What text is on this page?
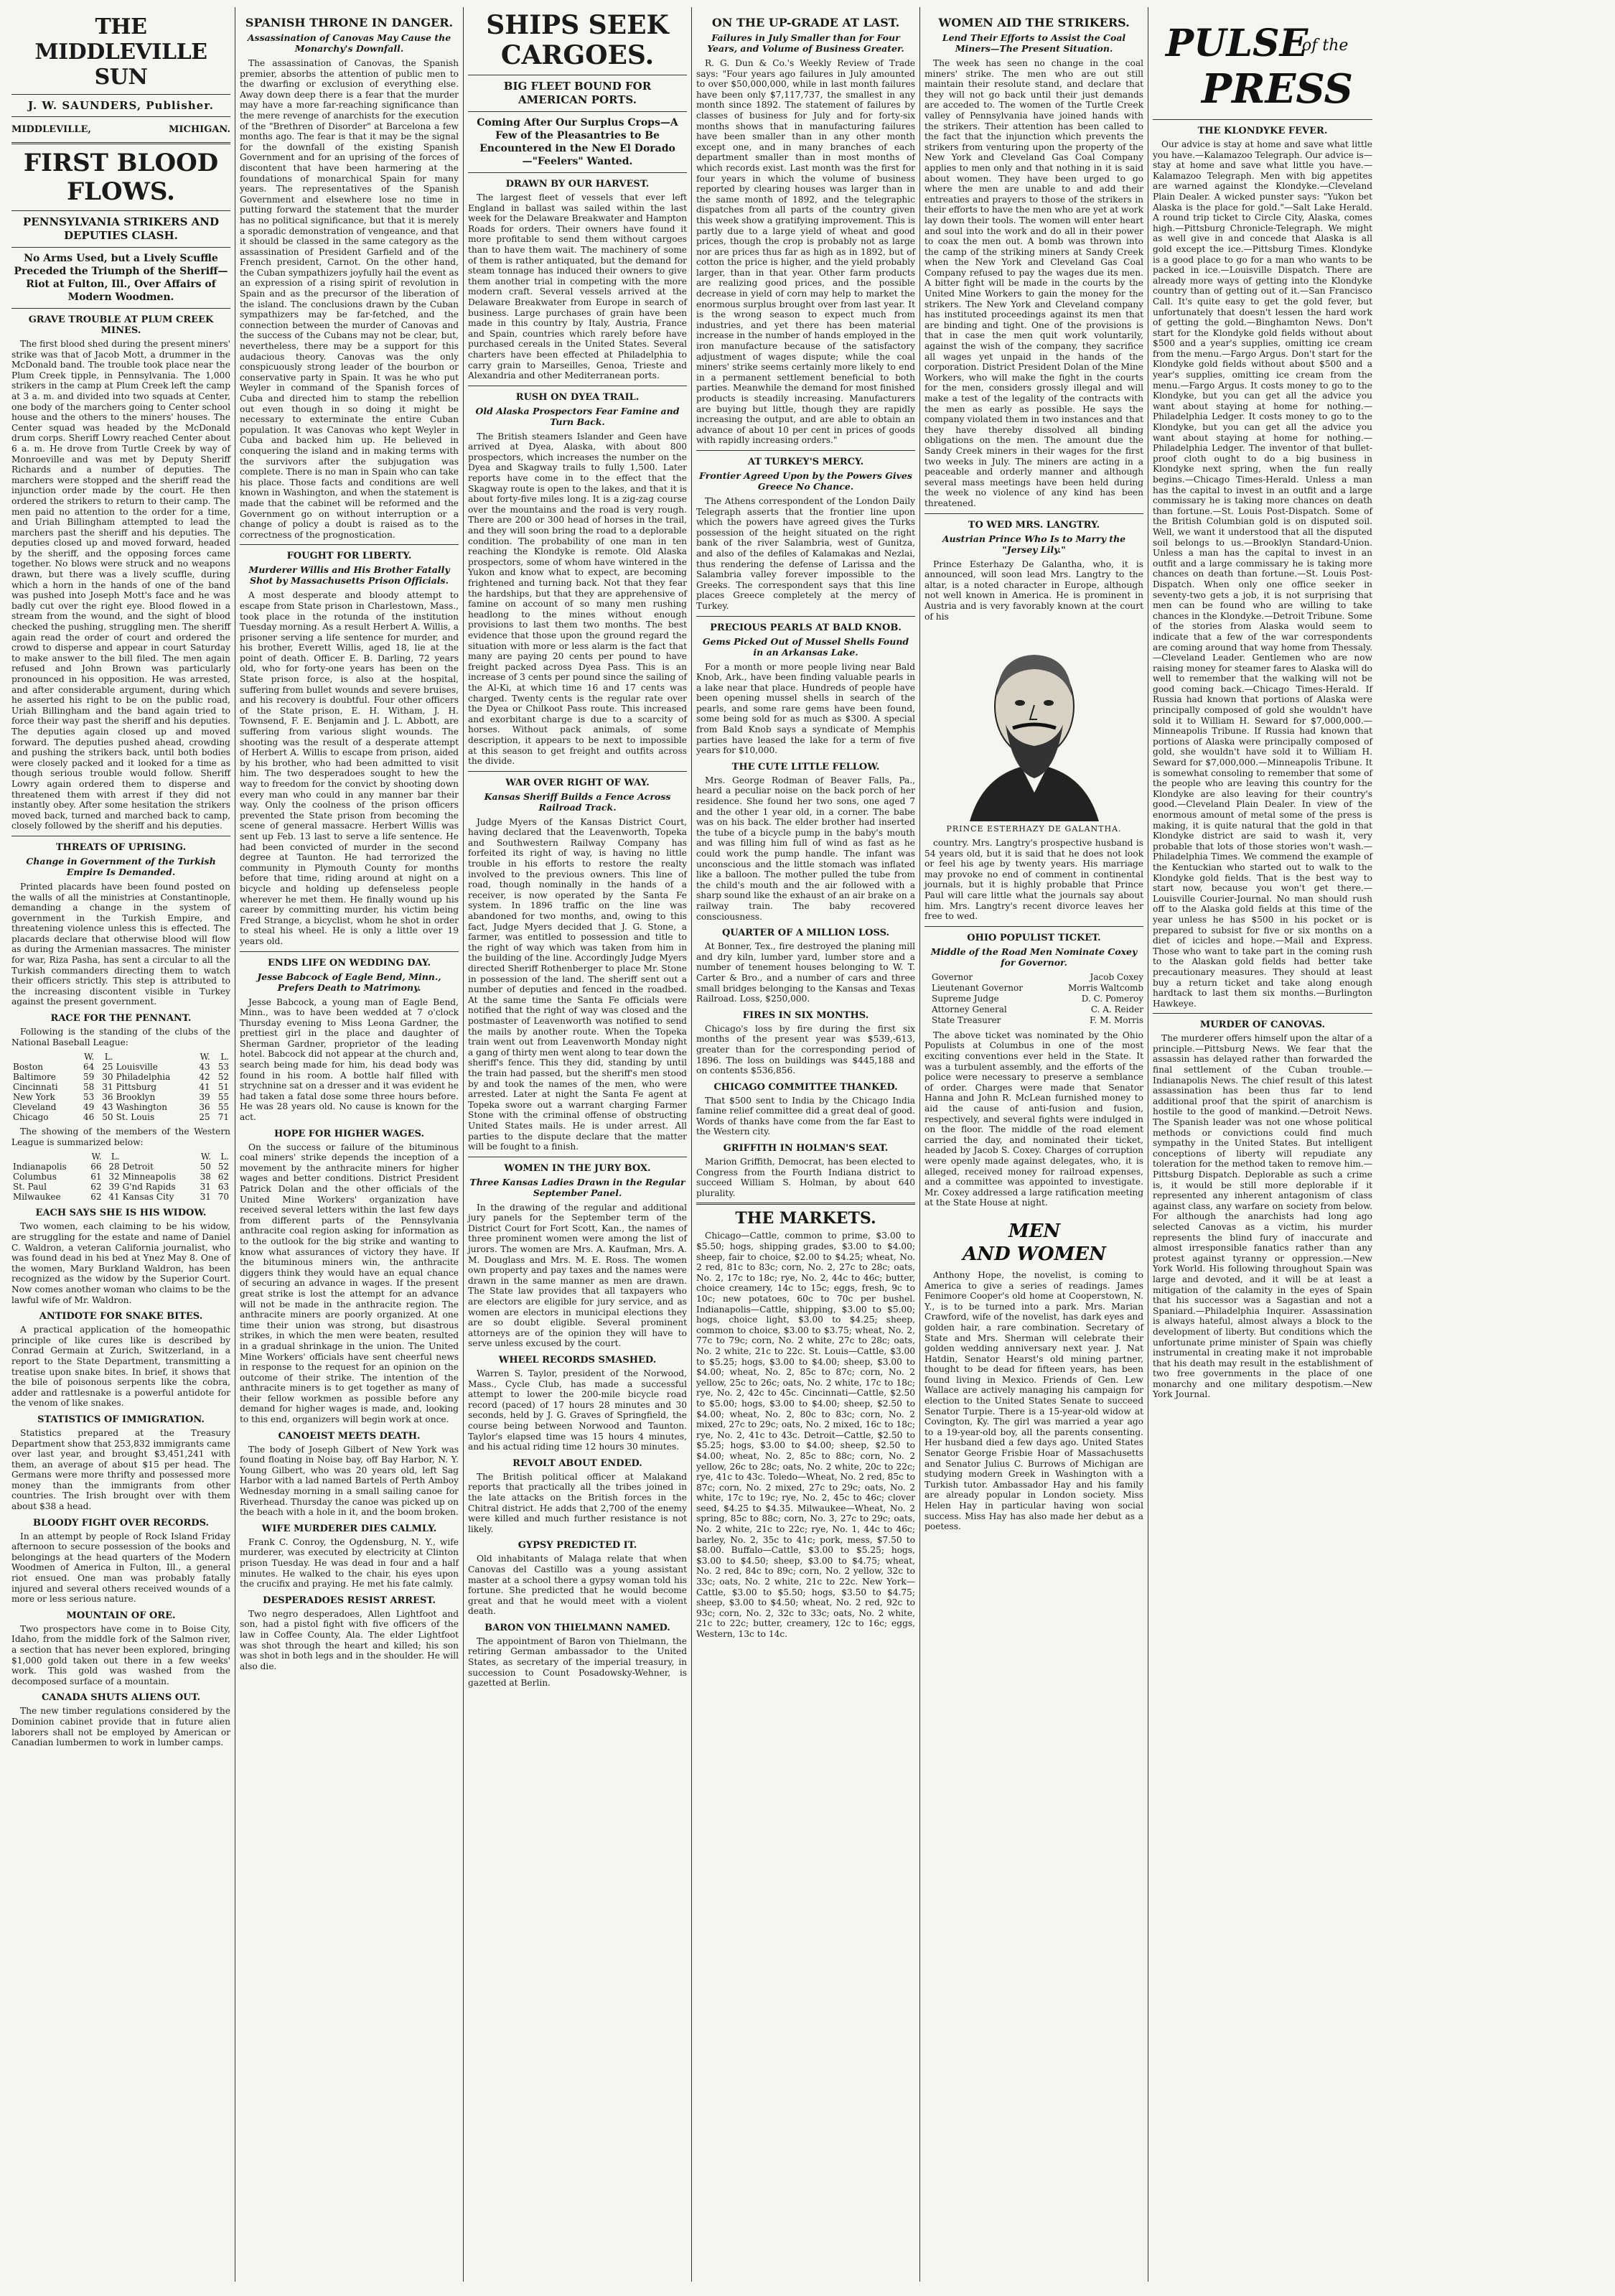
THE MIDDLEVILLE SUN
J. W. SAUNDERS, Publisher.
MIDDLEVILLE,	MICHIGAN.
FIRST BLOOD FLOWS.
PENNSYLVANIA STRIKERS AND DEPUTIES CLASH.
No Arms Used, but a Lively Scuffle Preceded the Triumph of the Sheriff—Riot at Fulton, Ill., Over Affairs of Modern Woodmen.
GRAVE TROUBLE AT PLUM CREEK MINES.

The first blood shed during the present miners' strike was that of Jacob Mott, a drummer in the McDonald band. The trouble took place near the Plum Creek tipple, in Pennsylvania. The 1,000 strikers in the camp at Plum Creek left the camp at 3 a. m. and divided into two squads at Center, one body of the marchers going to Center school house and the others to the miners' houses. The Center squad was headed by the McDonald drum corps. Sheriff Lowry reached Center about 6 a. m. He drove from Turtle Creek by way of Monroeville and was met by Deputy Sheriff Richards and a number of deputies. The marchers were stopped and the sheriff read the injunction order made by the court. He then ordered the strikers to return to their camp. The men paid no attention to the order for a time, and Uriah Billingham attempted to lead the marchers past the sheriff and his deputies. The deputies closed up and moved forward, headed by the sheriff, and the opposing forces came together. No blows were struck and no weapons drawn, but there was a lively scuffle, during which a horn in the hands of one of the band was pushed into Joseph Mott's face and he was badly cut over the right eye. Blood flowed in a stream from the wound, and the sight of blood checked the pushing, struggling men. The sheriff again read the order of court and ordered the crowd to disperse and appear in court Saturday to make answer to the bill filed. The men again refused and John Brown was particularly pronounced in his opposition. He was arrested, and after considerable argument, during which he asserted his right to be on the public road, Uriah Billingham and the band again tried to force their way past the sheriff and his deputies. The deputies again closed up and moved forward. The deputies pushed ahead, crowding and pushing the strikers back, until both bodies were closely packed and it looked for a time as though serious trouble would follow. Sheriff Lowry again ordered them to disperse and threatened them with arrest if they did not instantly obey. After some hesitation the strikers moved back, turned and marched back to camp, closely followed by the sheriff and his deputies.

THREATS OF UPRISING.
Change in Government of the Turkish Empire Is Demanded.

Printed placards have been found posted on the walls of all the ministries at Constantinople, demanding a change in the system of government in the Turkish Empire, and threatening violence unless this is effected. The placards declare that otherwise blood will flow as during the Armenian massacres. The minister for war, Riza Pasha, has sent a circular to all the Turkish commanders directing them to watch their officers strictly. This step is attributed to the increasing discontent visible in Turkey against the present government.

RACE FOR THE PENNANT.

Following is the standing of the clubs of the National Baseball League:

	W.	L.		W.	L.
Boston	64	25	Louisville	43	53
Baltimore	59	30	Philadelphia	42	52
Cincinnati	58	31	Pittsburg	41	51
New York	53	36	Brooklyn	39	55
Cleveland	49	43	Washington	36	55
Chicago	46	50	St. Louis	25	71

The showing of the members of the Western League is summarized below:

	W.	L.		W.	L.
Indianapolis	66	28	Detroit	50	52
Columbus	61	32	Minneapolis	38	62
St. Paul	62	39	G'nd Rapids	31	63
Milwaukee	62	41	Kansas City	31	70
EACH SAYS SHE IS HIS WIDOW.

Two women, each claiming to be his widow, are struggling for the estate and name of Daniel C. Waldron, a veteran California journalist, who was found dead in his bed at Ynez May 8. One of the women, Mary Burkland Waldron, has been recognized as the widow by the Superior Court. Now comes another woman who claims to be the lawful wife of Mr. Waldron.

ANTIDOTE FOR SNAKE BITES.

A practical application of the homeopathic principle of like cures like is described by Conrad Germain at Zurich, Switzerland, in a report to the State Department, transmitting a treatise upon snake bites. In brief, it shows that the bile of poisonous serpents like the cobra, adder and rattlesnake is a powerful antidote for the venom of like snakes.

STATISTICS OF IMMIGRATION.

Statistics prepared at the Treasury Department show that 253,832 immigrants came over last year, and brought $3,451,241 with them, an average of about $15 per head. The Germans were more thrifty and possessed more money than the immigrants from other countries. The Irish brought over with them about $38 a head.

BLOODY FIGHT OVER RECORDS.

In an attempt by people of Rock Island Friday afternoon to secure possession of the books and belongings at the head quarters of the Modern Woodmen of America in Fulton, Ill., a general riot ensued. One man was probably fatally injured and several others received wounds of a more or less serious nature.

MOUNTAIN OF ORE.

Two prospectors have come in to Boise City, Idaho, from the middle fork of the Salmon river, a section that has never been explored, bringing $1,000 gold taken out there in a few weeks' work. This gold was washed from the decomposed surface of a mountain.

CANADA SHUTS ALIENS OUT.

The new timber regulations considered by the Dominion cabinet provide that in future alien laborers shall not be employed by American or Canadian lumbermen to work in lumber camps.

SPANISH THRONE IN DANGER.
Assassination of Canovas May Cause the Monarchy's Downfall.

The assassination of Canovas, the Spanish premier, absorbs the attention of public men to the dwarfing or exclusion of everything else. Away down deep there is a fear that the murder may have a more far-reaching significance than the mere revenge of anarchists for the execution of the "Brethren of Disorder" at Barcelona a few months ago. The fear is that it may be the signal for the downfall of the existing Spanish Government and for an uprising of the forces of discontent that have been harmering at the foundations of monarchical Spain for many years. The representatives of the Spanish Government and elsewhere lose no time in putting forward the statement that the murder has no political significance, but that it is merely a sporadic demonstration of vengeance, and that it should be classed in the same category as the assassination of President Garfield and of the French president, Carnot. On the other hand, the Cuban sympathizers joyfully hail the event as an expression of a rising spirit of revolution in Spain and as the precursor of the liberation of the island. The conclusions drawn by the Cuban sympathizers may be far-fetched, and the connection between the murder of Canovas and the success of the Cubans may not be clear, but, nevertheless, there may be a support for this audacious theory. Canovas was the only conspicuously strong leader of the bourbon or conservative party in Spain. It was he who put Weyler in command of the Spanish forces of Cuba and directed him to stamp the rebellion out even though in so doing it might be necessary to exterminate the entire Cuban population. It was Canovas who kept Weyler in Cuba and backed him up. He believed in conquering the island and in making terms with the survivors after the subjugation was complete. There is no man in Spain who can take his place. Those facts and conditions are well known in Washington, and when the statement is made that the cabinet will be reformed and the Government go on without interruption or a change of policy a doubt is raised as to the correctness of the prognostication.

FOUGHT FOR LIBERTY.
Murderer Willis and His Brother Fatally Shot by Massachusetts Prison Officials.

A most desperate and bloody attempt to escape from State prison in Charlestown, Mass., took place in the rotunda of the institution Tuesday morning. As a result Herbert A. Willis, a prisoner serving a life sentence for murder, and his brother, Everett Willis, aged 18, lie at the point of death. Officer E. B. Darling, 72 years old, who for forty-one years has been on the State prison force, is also at the hospital, suffering from bullet wounds and severe bruises, and his recovery is doubtful. Four other officers of the State prison, E. H. Witham, J. H. Townsend, F. E. Benjamin and J. L. Abbott, are suffering from various slight wounds. The shooting was the result of a desperate attempt of Herbert A. Willis to escape from prison, aided by his brother, who had been admitted to visit him. The two desperadoes sought to hew the way to freedom for the convict by shooting down every man who could in any manner bar their way. Only the coolness of the prison officers prevented the State prison from becoming the scene of general massacre. Herbert Willis was sent up Feb. 13 last to serve a life sentence. He had been convicted of murder in the second degree at Taunton. He had terrorized the community in Plymouth County for months before that time, riding around at night on a bicycle and holding up defenseless people wherever he met them. He finally wound up his career by committing murder, his victim being Fred Strange, a bicyclist, whom he shot in order to steal his wheel. He is only a little over 19 years old.

ENDS LIFE ON WEDDING DAY.
Jesse Babcock of Eagle Bend, Minn., Prefers Death to Matrimony.

Jesse Babcock, a young man of Eagle Bend, Minn., was to have been wedded at 7 o'clock Thursday evening to Miss Leona Gardner, the prettiest girl in the place and daughter of Sherman Gardner, proprietor of the leading hotel. Babcock did not appear at the church and, search being made for him, his dead body was found in his room. A bottle half filled with strychnine sat on a dresser and it was evident he had taken a fatal dose some three hours before. He was 28 years old. No cause is known for the act.

HOPE FOR HIGHER WAGES.

On the success or failure of the bituminous coal miners' strike depends the inception of a movement by the anthracite miners for higher wages and better conditions. District President Patrick Dolan and the other officials of the United Mine Workers' organization have received several letters within the last few days from different parts of the Pennsylvania anthracite coal region asking for information as to the outlook for the big strike and wanting to know what assurances of victory they have. If the bituminous miners win, the anthracite diggers think they would have an equal chance of securing an advance in wages. If the present great strike is lost the attempt for an advance will not be made in the anthracite region. The anthracite miners are poorly organized. At one time their union was strong, but disastrous strikes, in which the men were beaten, resulted in a gradual shrinkage in the union. The United Mine Workers' officials have sent cheerful news in response to the request for an opinion on the outcome of their strike. The intention of the anthracite miners is to get together as many of their fellow workmen as possible before any demand for higher wages is made, and, looking to this end, organizers will begin work at once.

CANOEIST MEETS DEATH.

The body of Joseph Gilbert of New York was found floating in Noise bay, off Bay Harbor, N. Y. Young Gilbert, who was 20 years old, left Sag Harbor with a lad named Bartels of Perth Amboy Wednesday morning in a small sailing canoe for Riverhead. Thursday the canoe was picked up on the beach with a hole in it, and the boom broken.

WIFE MURDERER DIES CALMLY.

Frank C. Conroy, the Ogdensburg, N. Y., wife murderer, was executed by electricity at Clinton prison Tuesday. He was dead in four and a half minutes. He walked to the chair, his eyes upon the crucifix and praying. He met his fate calmly.

DESPERADOES RESIST ARREST.

Two negro desperadoes, Allen Lightfoot and son, had a pistol fight with five officers of the law in Coffee County, Ala. The elder Lightfoot was shot through the heart and killed; his son was shot in both legs and in the shoulder. He will also die.

SHIPS SEEK CARGOES.
BIG FLEET BOUND FOR AMERICAN PORTS.
Coming After Our Surplus Crops—A Few of the Pleasantries to Be Encountered in the New El Dorado—"Feelers" Wanted.
DRAWN BY OUR HARVEST.

The largest fleet of vessels that ever left England in ballast was sailed within the last week for the Delaware Breakwater and Hampton Roads for orders. Their owners have found it more profitable to send them without cargoes than to have them wait. The machinery of some of them is rather antiquated, but the demand for steam tonnage has induced their owners to give them another trial in competing with the more modern craft. Several vessels arrived at the Delaware Breakwater from Europe in search of business. Large purchases of grain have been made in this country by Italy, Austria, France and Spain, countries which rarely before have purchased cereals in the United States. Several charters have been effected at Philadelphia to carry grain to Marseilles, Genoa, Trieste and Alexandria and other Mediterranean ports.

RUSH ON DYEA TRAIL.
Old Alaska Prospectors Fear Famine and Turn Back.

The British steamers Islander and Geen have arrived at Dyea, Alaska, with about 800 prospectors, which increases the number on the Dyea and Skagway trails to fully 1,500. Later reports have come in to the effect that the Skagway route is open to the lakes, and that it is about forty-five miles long. It is a zig-zag course over the mountains and the road is very rough. There are 200 or 300 head of horses in the trail, and they will soon bring the road to a deplorable condition. The probability of one man in ten reaching the Klondyke is remote. Old Alaska prospectors, some of whom have wintered in the Yukon and know what to expect, are becoming frightened and turning back. Not that they fear the hardships, but that they are apprehensive of famine on account of so many men rushing headlong to the mines without enough provisions to last them two months. The best evidence that those upon the ground regard the situation with more or less alarm is the fact that many are paying 20 cents per pound to have freight packed across Dyea Pass. This is an increase of 3 cents per pound since the sailing of the Al-Ki, at which time 16 and 17 cents was charged. Twenty cents is the regular rate over the Dyea or Chilkoot Pass route. This increased and exorbitant charge is due to a scarcity of horses. Without pack animals, of some description, it appears to be next to impossible at this season to get freight and outfits across the divide.

WAR OVER RIGHT OF WAY.
Kansas Sheriff Builds a Fence Across Railroad Track.

Judge Myers of the Kansas District Court, having declared that the Leavenworth, Topeka and Southwestern Railway Company has forfeited its right of way, is having no little trouble in his efforts to restore the realty involved to the previous owners. This line of road, though nominally in the hands of a receiver, is now operated by the Santa Fe system. In 1896 traffic on the line was abandoned for two months, and, owing to this fact, Judge Myers decided that J. G. Stone, a farmer, was entitled to possession and title to the right of way which was taken from him in the building of the line. Accordingly Judge Myers directed Sheriff Rothenberger to place Mr. Stone in possession of the land. The sheriff sent out a number of deputies and fenced in the roadbed. At the same time the Santa Fe officials were notified that the right of way was closed and the postmaster of Leavenworth was notified to send the mails by another route. When the Topeka train went out from Leavenworth Monday night a gang of thirty men went along to tear down the sheriff's fence. This they did, standing by until the train had passed, but the sheriff's men stood by and took the names of the men, who were arrested. Later at night the Santa Fe agent at Topeka swore out a warrant charging Farmer Stone with the criminal offense of obstructing United States mails. He is under arrest. All parties to the dispute declare that the matter will be fought to a finish.

WOMEN IN THE JURY BOX.
Three Kansas Ladies Drawn in the Regular September Panel.

In the drawing of the regular and additional jury panels for the September term of the District Court for Fort Scott, Kan., the names of three prominent women were among the list of jurors. The women are Mrs. A. Kaufman, Mrs. A. M. Douglass and Mrs. M. E. Ross. The women own property and pay taxes and the names were drawn in the same manner as men are drawn. The State law provides that all taxpayers who are electors are eligible for jury service, and as women are electors in municipal elections they are so doubt eligible. Several prominent attorneys are of the opinion they will have to serve unless excused by the court.

WHEEL RECORDS SMASHED.

Warren S. Taylor, president of the Norwood, Mass., Cycle Club, has made a successful attempt to lower the 200-mile bicycle road record (paced) of 17 hours 28 minutes and 30 seconds, held by J. G. Graves of Springfield, the course being between Norwood and Taunton. Taylor's elapsed time was 15 hours 4 minutes, and his actual riding time 12 hours 30 minutes.

REVOLT ABOUT ENDED.

The British political officer at Malakand reports that practically all the tribes joined in the late attacks on the British forces in the Chitral district. He adds that 2,700 of the enemy were killed and much further resistance is not likely.

GYPSY PREDICTED IT.

Old inhabitants of Malaga relate that when Canovas del Castillo was a young assistant master at a school there a gypsy woman told his fortune. She predicted that he would become great and that he would meet with a violent death.

BARON VON THIELMANN NAMED.

The appointment of Baron von Thielmann, the retiring German ambassador to the United States, as secretary of the imperial treasury, in succession to Count Posadowsky-Wehner, is gazetted at Berlin.

ON THE UP-GRADE AT LAST.
Failures in July Smaller than for Four Years, and Volume of Business Greater.

R. G. Dun & Co.'s Weekly Review of Trade says: "Four years ago failures in July amounted to over $50,000,000, while in last month failures have been only $7,117,737, the smallest in any month since 1892. The statement of failures by classes of business for July and for forty-six months shows that in manufacturing failures have been smaller than in any other month except one, and in many branches of each department smaller than in most months of which records exist. Last month was the first for four years in which the volume of business reported by clearing houses was larger than in the same month of 1892, and the telegraphic dispatches from all parts of the country given this week show a gratifying improvement. This is partly due to a large yield of wheat and good prices, though the crop is probably not as large nor are prices thus far as high as in 1892, but of cotton the price is higher, and the yield probably larger, than in that year. Other farm products are realizing good prices, and the possible decrease in yield of corn may help to market the enormous surplus brought over from last year. It is the wrong season to expect much from industries, and yet there has been material increase in the number of hands employed in the iron manufacture because of the satisfactory adjustment of wages dispute; while the coal miners' strike seems certainly more likely to end in a permanent settlement beneficial to both parties. Meanwhile the demand for most finished products is steadily increasing. Manufacturers are buying but little, though they are rapidly increasing the output, and are able to obtain an advance of about 10 per cent in prices of goods with rapidly increasing orders."

AT TURKEY'S MERCY.
Frontier Agreed Upon by the Powers Gives Greece No Chance.

The Athens correspondent of the London Daily Telegraph asserts that the frontier line upon which the powers have agreed gives the Turks possession of the height situated on the right bank of the river Salambria, west of Gunitza, and also of the defiles of Kalamakas and Nezlai, thus rendering the defense of Larissa and the Salambria valley forever impossible to the Greeks. The correspondent says that this line places Greece completely at the mercy of Turkey.

PRECIOUS PEARLS AT BALD KNOB.
Gems Picked Out of Mussel Shells Found in an Arkansas Lake.

For a month or more people living near Bald Knob, Ark., have been finding valuable pearls in a lake near that place. Hundreds of people have been opening mussel shells in search of the pearls, and some rare gems have been found, some being sold for as much as $300. A special from Bald Knob says a syndicate of Memphis parties have leased the lake for a term of five years for $10,000.

THE CUTE LITTLE FELLOW.

Mrs. George Rodman of Beaver Falls, Pa., heard a peculiar noise on the back porch of her residence. She found her two sons, one aged 7 and the other 1 year old, in a corner. The babe was on his back. The elder brother had inserted the tube of a bicycle pump in the baby's mouth and was filling him full of wind as fast as he could work the pump handle. The infant was unconscious and the little stomach was inflated like a balloon. The mother pulled the tube from the child's mouth and the air followed with a sharp sound like the exhaust of an air brake on a railway train. The baby recovered consciousness.

QUARTER OF A MILLION LOSS.

At Bonner, Tex., fire destroyed the planing mill and dry kiln, lumber yard, lumber store and a number of tenement houses belonging to W. T. Carter & Bro., and a number of cars and three small bridges belonging to the Kansas and Texas Railroad. Loss, $250,000.

FIRES IN SIX MONTHS.

Chicago's loss by fire during the first six months of the present year was $539,-613, greater than for the corresponding period of 1896. The loss on buildings was $445,188 and on contents $536,856.

CHICAGO COMMITTEE THANKED.

That $500 sent to India by the Chicago India famine relief committee did a great deal of good. Words of thanks have come from the far East to the Western city.

GRIFFITH IN HOLMAN'S SEAT.

Marion Griffith, Democrat, has been elected to Congress from the Fourth Indiana district to succeed William S. Holman, by about 640 plurality.

THE MARKETS.

Chicago—Cattle, common to prime, $3.00 to $5.50; hogs, shipping grades, $3.00 to $4.00; sheep, fair to choice, $2.00 to $4.25; wheat, No. 2 red, 81c to 83c; corn, No. 2, 27c to 28c; oats, No. 2, 17c to 18c; rye, No. 2, 44c to 46c; butter, choice creamery, 14c to 15c; eggs, fresh, 9c to 10c; new potatoes, 60c to 70c per bushel. Indianapolis—Cattle, shipping, $3.00 to $5.00; hogs, choice light, $3.00 to $4.25; sheep, common to choice, $3.00 to $3.75; wheat, No. 2, 77c to 79c; corn, No. 2 white, 27c to 28c; oats, No. 2 white, 21c to 22c. St. Louis—Cattle, $3.00 to $5.25; hogs, $3.00 to $4.00; sheep, $3.00 to $4.00; wheat, No. 2, 85c to 87c; corn, No. 2 yellow, 25c to 26c; oats, No. 2 white, 17c to 18c; rye, No. 2, 42c to 45c. Cincinnati—Cattle, $2.50 to $5.00; hogs, $3.00 to $4.00; sheep, $2.50 to $4.00; wheat, No. 2, 80c to 83c; corn, No. 2 mixed, 27c to 29c; oats, No. 2 mixed, 16c to 18c; rye, No. 2, 41c to 43c. Detroit—Cattle, $2.50 to $5.25; hogs, $3.00 to $4.00; sheep, $2.50 to $4.00; wheat, No. 2, 85c to 88c; corn, No. 2 yellow, 26c to 28c; oats, No. 2 white, 20c to 22c; rye, 41c to 43c. Toledo—Wheat, No. 2 red, 85c to 87c; corn, No. 2 mixed, 27c to 29c; oats, No. 2 white, 17c to 19c; rye, No. 2, 45c to 46c; clover seed, $4.25 to $4.35. Milwaukee—Wheat, No. 2 spring, 85c to 88c; corn, No. 3, 27c to 29c; oats, No. 2 white, 21c to 22c; rye, No. 1, 44c to 46c; barley, No. 2, 35c to 41c; pork, mess, $7.50 to $8.00. Buffalo—Cattle, $3.00 to $5.25; hogs, $3.00 to $4.50; sheep, $3.00 to $4.75; wheat, No. 2 red, 84c to 89c; corn, No. 2 yellow, 32c to 33c; oats, No. 2 white, 21c to 22c. New York—Cattle, $3.00 to $5.50; hogs, $3.50 to $4.75; sheep, $3.00 to $4.50; wheat, No. 2 red, 92c to 93c; corn, No. 2, 32c to 33c; oats, No. 2 white, 21c to 22c; butter, creamery, 12c to 16c; eggs, Western, 13c to 14c.

WOMEN AID THE STRIKERS.
Lend Their Efforts to Assist the Coal Miners—The Present Situation.

The week has seen no change in the coal miners' strike. The men who are out still maintain their resolute stand, and declare that they will not go back until their just demands are acceded to. The women of the Turtle Creek valley of Pennsylvania have joined hands with the strikers. Their attention has been called to the fact that the injunction which prevents the strikers from venturing upon the property of the New York and Cleveland Gas Coal Company applies to men only and that nothing in it is said about women. They have been urged to go where the men are unable to and add their entreaties and prayers to those of the strikers in their efforts to have the men who are yet at work lay down their tools. The women will enter heart and soul into the work and do all in their power to coax the men out. A bomb was thrown into the camp of the striking miners at Sandy Creek when the New York and Cleveland Gas Coal Company refused to pay the wages due its men. A bitter fight will be made in the courts by the United Mine Workers to gain the money for the strikers. The New York and Cleveland company has instituted proceedings against its men that are binding and tight. One of the provisions is that in case the men quit work voluntarily, against the wish of the company, they sacrifice all wages yet unpaid in the hands of the corporation. District President Dolan of the Mine Workers, who will make the fight in the courts for the men, considers grossly illegal and will make a test of the legality of the contracts with the men as early as possible. He says the company violated them in two instances and that they have thereby dissolved all binding obligations on the men. The amount due the Sandy Creek miners in their wages for the first two weeks in July. The miners are acting in a peaceable and orderly manner and although several mass meetings have been held during the week no violence of any kind has been threatened.

TO WED MRS. LANGTRY.
Austrian Prince Who Is to Marry the "Jersey Lily."

Prince Esterhazy De Galantha, who, it is announced, will soon lead Mrs. Langtry to the altar, is a noted character in Europe, although not well known in America. He is prominent in Austria and is very favorably known at the court of his

PRINCE ESTERHAZY DE GALANTHA.

country. Mrs. Langtry's prospective husband is 54 years old, but it is said that he does not look or feel his age by twenty years. His marriage may provoke no end of comment in continental journals, but it is highly probable that Prince Paul will care little what the journals say about him. Mrs. Langtry's recent divorce leaves her free to wed.

OHIO POPULIST TICKET.
Middle of the Road Men Nominate Coxey for Governor.
Governor	Jacob Coxey
Lieutenant Governor	Morris Waltcomb
Supreme Judge	D. C. Pomeroy
Attorney General	C. A. Reider
State Treasurer	F. M. Morris

The above ticket was nominated by the Ohio Populists at Columbus in one of the most exciting conventions ever held in the State. It was a turbulent assembly, and the efforts of the police were necessary to preserve a semblance of order. Charges were made that Senator Hanna and John R. McLean furnished money to aid the cause of anti-fusion and fusion, respectively, and several fights were indulged in on the floor. The middle of the road element carried the day, and nominated their ticket, headed by Jacob S. Coxey. Charges of corruption were openly made against delegates, who, it is alleged, received money for railroad expenses, and a committee was appointed to investigate. Mr. Coxey addressed a large ratification meeting at the State House at night.

MEN
AND WOMEN

Anthony Hope, the novelist, is coming to America to give a series of readings. James Fenimore Cooper's old home at Cooperstown, N. Y., is to be turned into a park. Mrs. Marian Crawford, wife of the novelist, has dark eyes and golden hair, a rare combination. Secretary of State and Mrs. Sherman will celebrate their golden wedding anniversary next year. J. Nat Hatdin, Senator Hearst's old mining partner, thought to be dead for fifteen years, has been found living in Mexico. Friends of Gen. Lew Wallace are actively managing his campaign for election to the United States Senate to succeed Senator Turpie. There is a 15-year-old widow at Covington, Ky. The girl was married a year ago to a 19-year-old boy, all the parents consenting. Her husband died a few days ago. United States Senator George Frisbie Hoar of Massachusetts and Senator Julius C. Burrows of Michigan are studying modern Greek in Washington with a Turkish tutor. Ambassador Hay and his family are already popular in London society. Miss Helen Hay in particular having won social success. Miss Hay has also made her debut as a poetess.

PULSE
of the
PRESS
THE KLONDYKE FEVER.

Our advice is stay at home and save what little you have.—Kalamazoo Telegraph. Our advice is—stay at home and save what little you have.—Kalamazoo Telegraph. Men with big appetites are warned against the Klondyke.—Cleveland Plain Dealer. A wicked punster says: "Yukon bet Alaska is the place for gold."—Salt Lake Herald. A round trip ticket to Circle City, Alaska, comes high.—Pittsburg Chronicle-Telegraph. We might as well give in and concede that Alaska is all gold except the ice.—Pittsburg Times. Klondyke is a good place to go for a man who wants to be packed in ice.—Louisville Dispatch. There are already more ways of getting into the Klondyke country than of getting out of it.—San Francisco Call. It's quite easy to get the gold fever, but unfortunately that doesn't lessen the hard work of getting the gold.—Binghamton News. Don't start for the Klondyke gold fields without about $500 and a year's supplies, omitting ice cream from the menu.—Fargo Argus. Don't start for the Klondyke gold fields without about $500 and a year's supplies, omitting ice cream from the menu.—Fargo Argus. It costs money to go to the Klondyke, but you can get all the advice you want about staying at home for nothing.—Philadelphia Ledger. It costs money to go to the Klondyke, but you can get all the advice you want about staying at home for nothing.—Philadelphia Ledger. The inventor of that bullet-proof cloth ought to do a big business in Klondyke next spring, when the fun really begins.—Chicago Times-Herald. Unless a man has the capital to invest in an outfit and a large commissary he is taking more chances on death than fortune.—St. Louis Post-Dispatch. Some of the British Columbian gold is on disputed soil. Well, we want it understood that all the disputed soil belongs to us.—Brooklyn Standard-Union. Unless a man has the capital to invest in an outfit and a large commissary he is taking more chances on death than fortune.—St. Louis Post-Dispatch. When only one office seeker in seventy-two gets a job, it is not surprising that men can be found who are willing to take chances in the Klondyke.—Detroit Tribune. Some of the stories from Alaska would seem to indicate that a few of the war correspondents are coming around that way home from Thessaly.—Cleveland Leader. Gentlemen who are now raising money for steamer fares to Alaska will do well to remember that the walking will not be good coming back.—Chicago Times-Herald. If Russia had known that portions of Alaska were principally composed of gold she wouldn't have sold it to William H. Seward for $7,000,000.—Minneapolis Tribune. If Russia had known that portions of Alaska were principally composed of gold, she wouldn't have sold it to William H. Seward for $7,000,000.—Minneapolis Tribune. It is somewhat consoling to remember that some of the people who are leaving this country for the Klondyke are also leaving for their country's good.—Cleveland Plain Dealer. In view of the enormous amount of metal some of the press is making, it is quite natural that the gold in that Klondyke district are said to wash it, very probable that lots of those stories won't wash.—Philadelphia Times. We commend the example of the Kentuckian who started out to walk to the Klondyke gold fields. That is the best way to start now, because you won't get there.—Louisville Courier-Journal. No man should rush off to the Alaska gold fields at this time of the year unless he has $500 in his pocket or is prepared to subsist for five or six months on a diet of icicles and hope.—Mail and Express. Those who want to take part in the coming rush to the Alaskan gold fields had better take precautionary measures. They should at least buy a return ticket and take along enough hardtack to last them six months.—Burlington Hawkeye.

MURDER OF CANOVAS.

The murderer offers himself upon the altar of a principle.—Pittsburg News. We fear that the assassin has delayed rather than forwarded the final settlement of the Cuban trouble.—Indianapolis News. The chief result of this latest assassination has been thus far to lend additional proof that the spirit of anarchism is hostile to the good of mankind.—Detroit News. The Spanish leader was not one whose political methods or convictions could find much sympathy in the United States. But intelligent conceptions of liberty will repudiate any toleration for the method taken to remove him.—Pittsburg Dispatch. Deplorable as such a crime is, it would be still more deplorable if it represented any inherent antagonism of class against class, any warfare on society from below. For although the anarchists had long ago selected Canovas as a victim, his murder represents the blind fury of inaccurate and almost irresponsible fanatics rather than any protest against tyranny or oppression.—New York World. His following throughout Spain was large and devoted, and it will be at least a mitigation of the calamity in the eyes of Spain that his successor was a Sagastian and not a Spaniard.—Philadelphia Inquirer. Assassination is always hateful, almost always a block to the development of liberty. But conditions which the unfortunate prime minister of Spain was chiefly instrumental in creating make it not improbable that his death may result in the establishment of two free governments in the place of one monarchy and one military despotism.—New York Journal.
